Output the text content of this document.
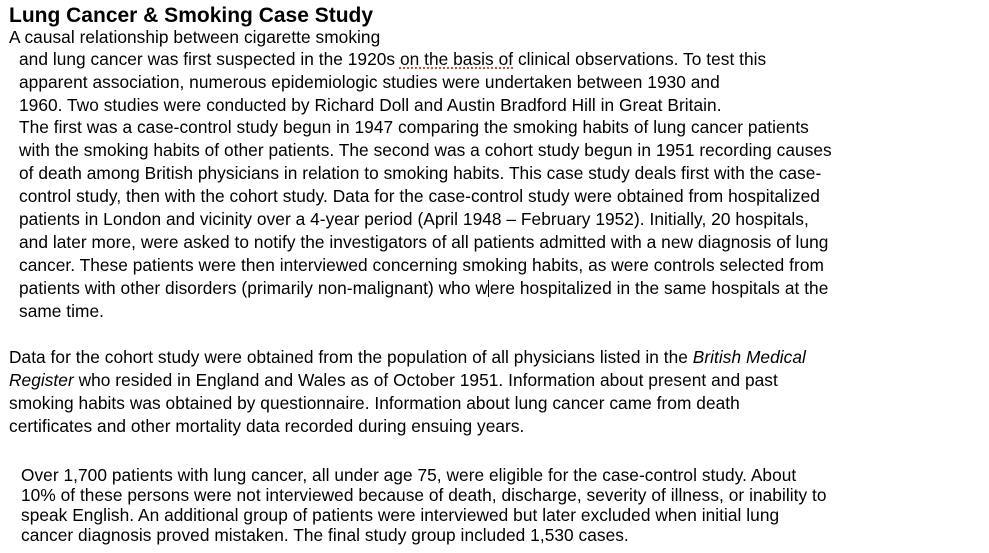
Lung Cancer & Smoking Case Study
A causal relationship between cigarette smoking
and lung cancer was first suspected in the 1920s on the basis of clinical observations. To test this
apparent association, numerous epidemiologic studies were undertaken between 1930 and
1960. Two studies were conducted by Richard Doll and Austin Bradford Hill in Great Britain.
The first was a case-control study begun in 1947 comparing the smoking habits of lung cancer patients
with the smoking habits of other patients. The second was a cohort study begun in 1951 recording causes
of death among British physicians in relation to smoking habits. This case study deals first with the case-
control study, then with the cohort study. Data for the case-control study were obtained from hospitalized
patients in London and vicinity over a 4-year period (April 1948 – February 1952). Initially, 20 hospitals,
and later more, were asked to notify the investigators of all patients admitted with a new diagnosis of lung
cancer. These patients were then interviewed concerning smoking habits, as were controls selected from
patients with other disorders (primarily non-malignant) who w ere hospitalized in the same hospitals at the
same time.
Data for the cohort study were obtained from the population of all physicians listed in the British Medical
Register who resided in England and Wales as of October 1951. Information about present and past
smoking habits was obtained by questionnaire. Information about lung cancer came from death
certificates and other mortality data recorded during ensuing years.
Over 1,700 patients with lung cancer, all under age 75, were eligible for the case-control study. About
10% of these persons were not interviewed because of death, discharge, severity of illness, or inability to
speak English. An additional group of patients were interviewed but later excluded when initial lung
cancer diagnosis proved mistaken. The final study group included 1,530 cases.
